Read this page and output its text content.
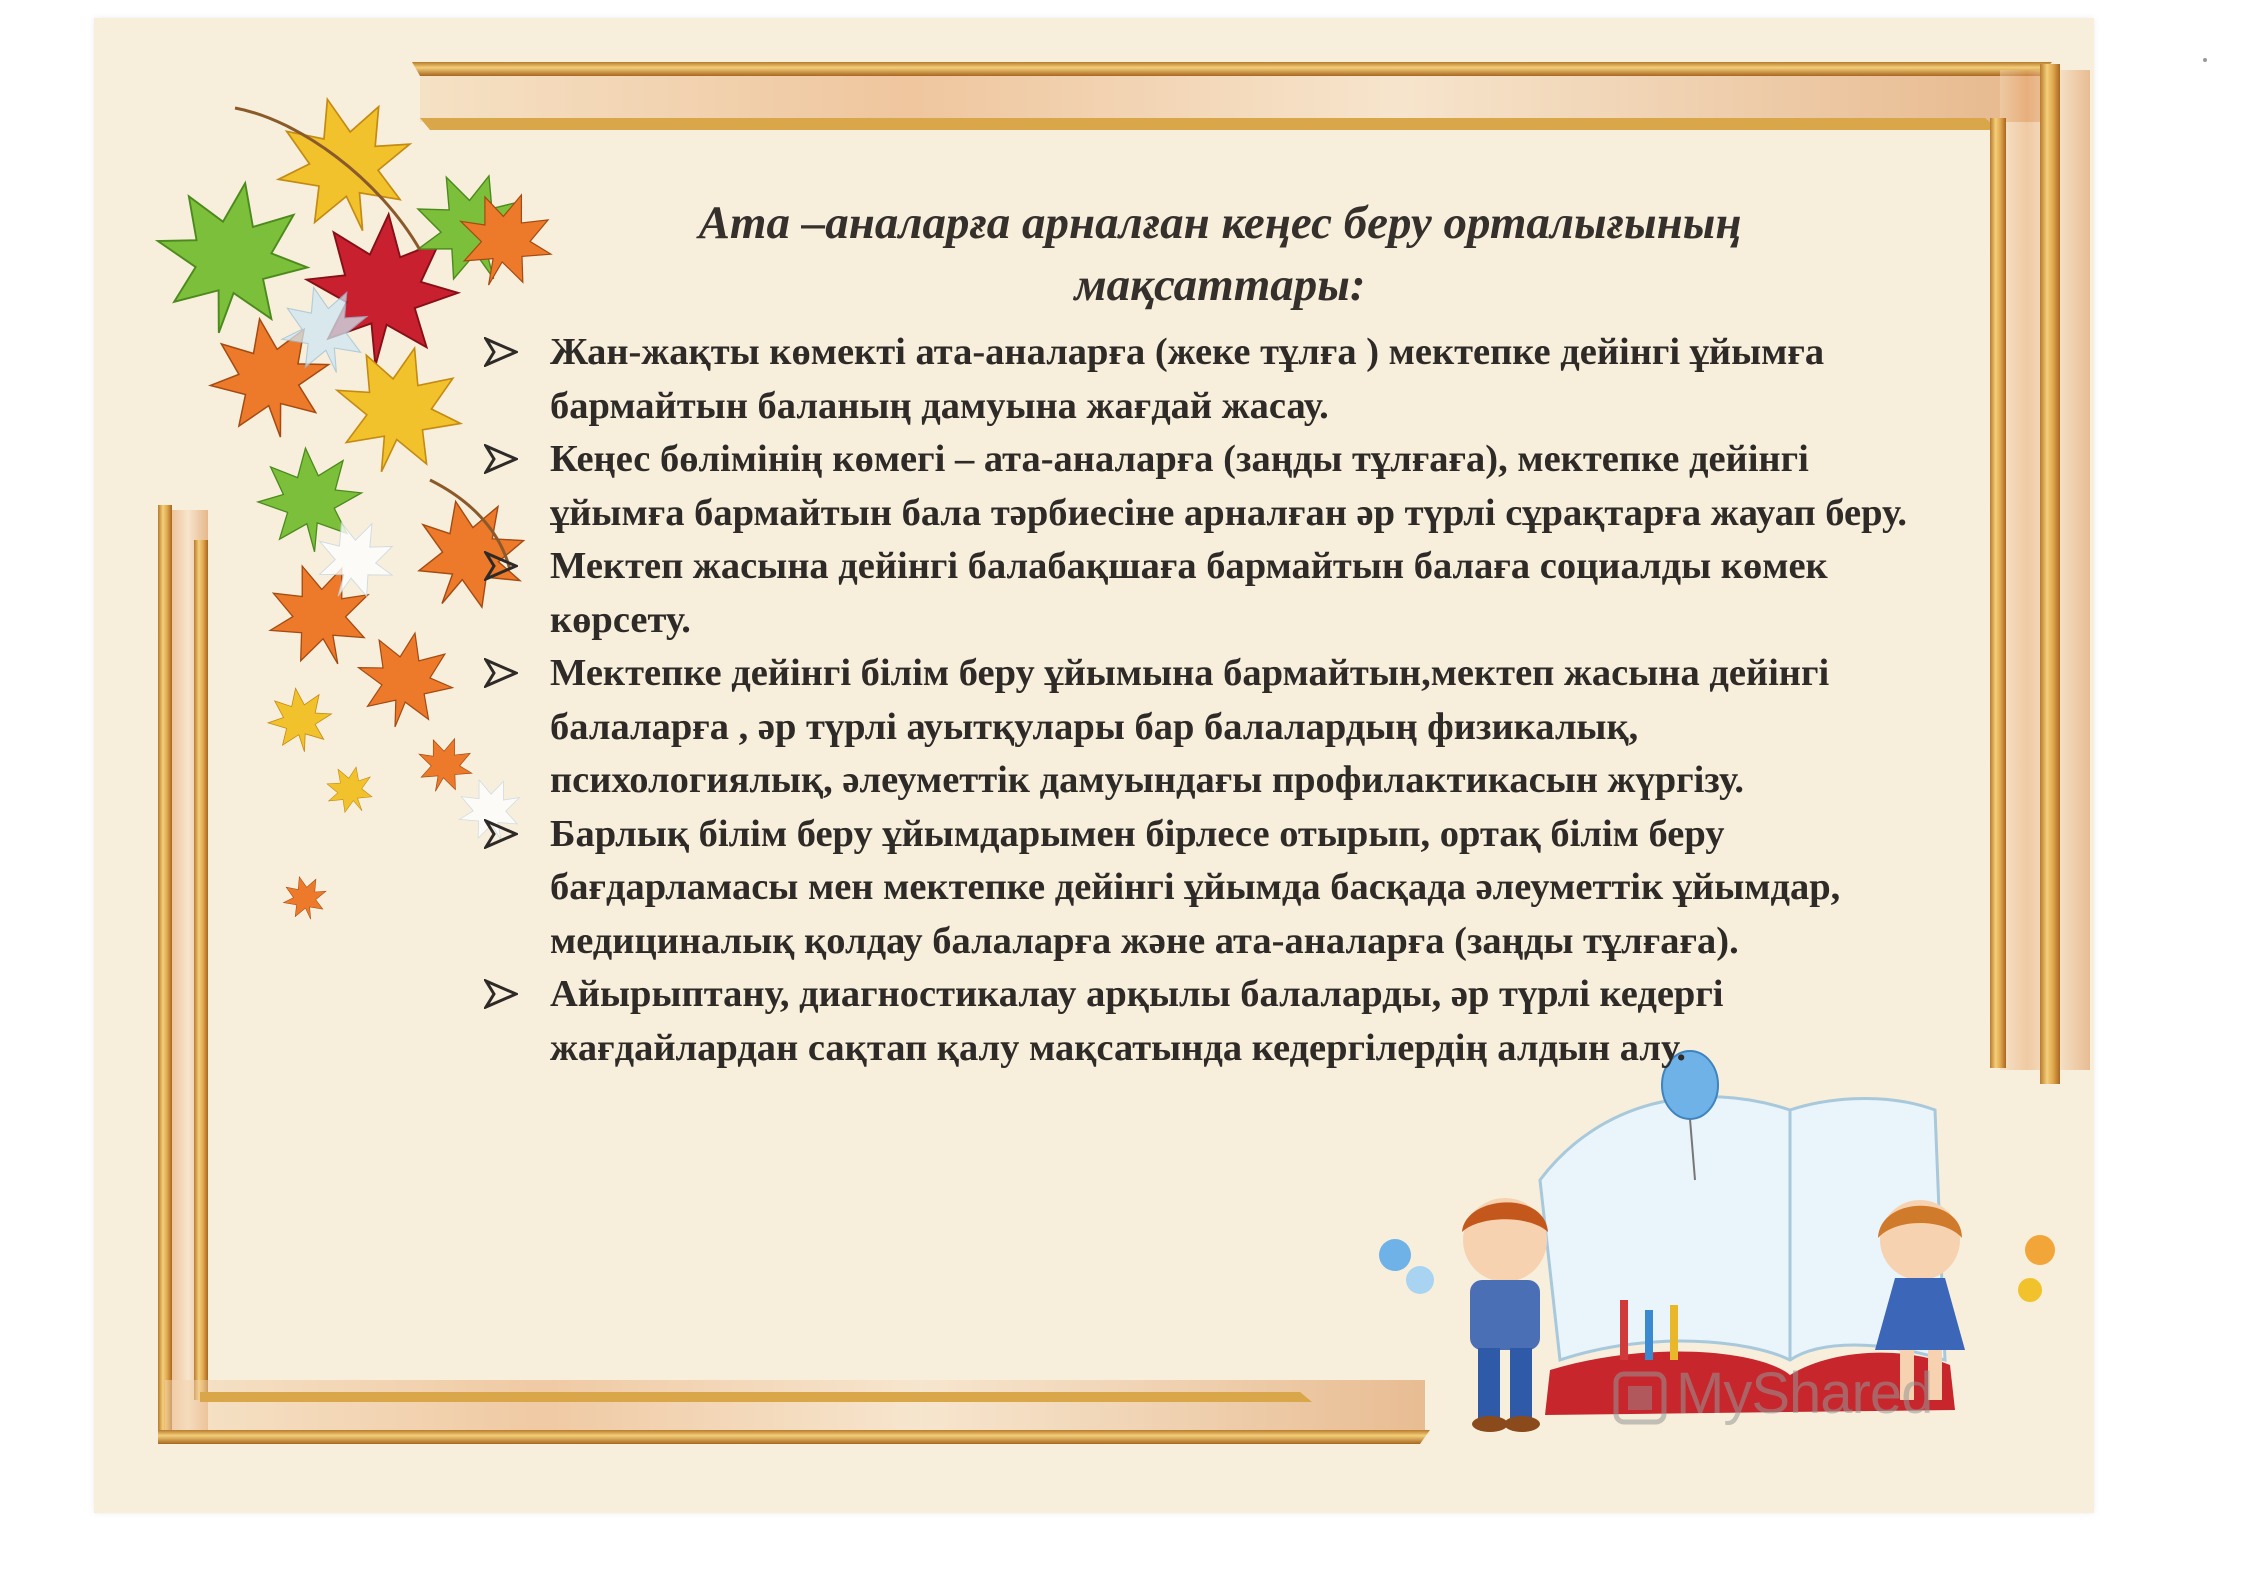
Ата –аналарға арналған кеңес беру орталығының
мақсаттары:
Жан-жақты көмекті ата-аналарға (жеке тұлға ) мектепке дейінгі ұйымға бармайтын баланың дамуына жағдай жасау.
Кеңес бөлімінің көмегі – ата-аналарға (заңды тұлғаға), мектепке дейінгі ұйымға бармайтын бала тәрбиесіне арналған әр түрлі сұрақтарға жауап беру.
Мектеп жасына дейінгі балабақшаға бармайтын балаға социалды көмек көрсету.
Мектепке дейінгі білім беру ұйымына бармайтын,мектеп жасына дейінгі балаларға , әр түрлі ауытқулары бар балалардың физикалық, психологиялық, әлеуметтік дамуындағы профилактикасын жүргізу.
Барлық білім беру ұйымдарымен бірлесе отырып, ортақ білім беру бағдарламасы мен мектепке дейінгі ұйымда басқада әлеуметтік ұйымдар, медициналық қолдау балаларға және ата-аналарға (заңды тұлғаға).
Айырыптану, диагностикалау арқылы балаларды, әр түрлі кедергі жағдайлардан сақтап қалу мақсатында кедергілердің алдын алу.
MyShared
